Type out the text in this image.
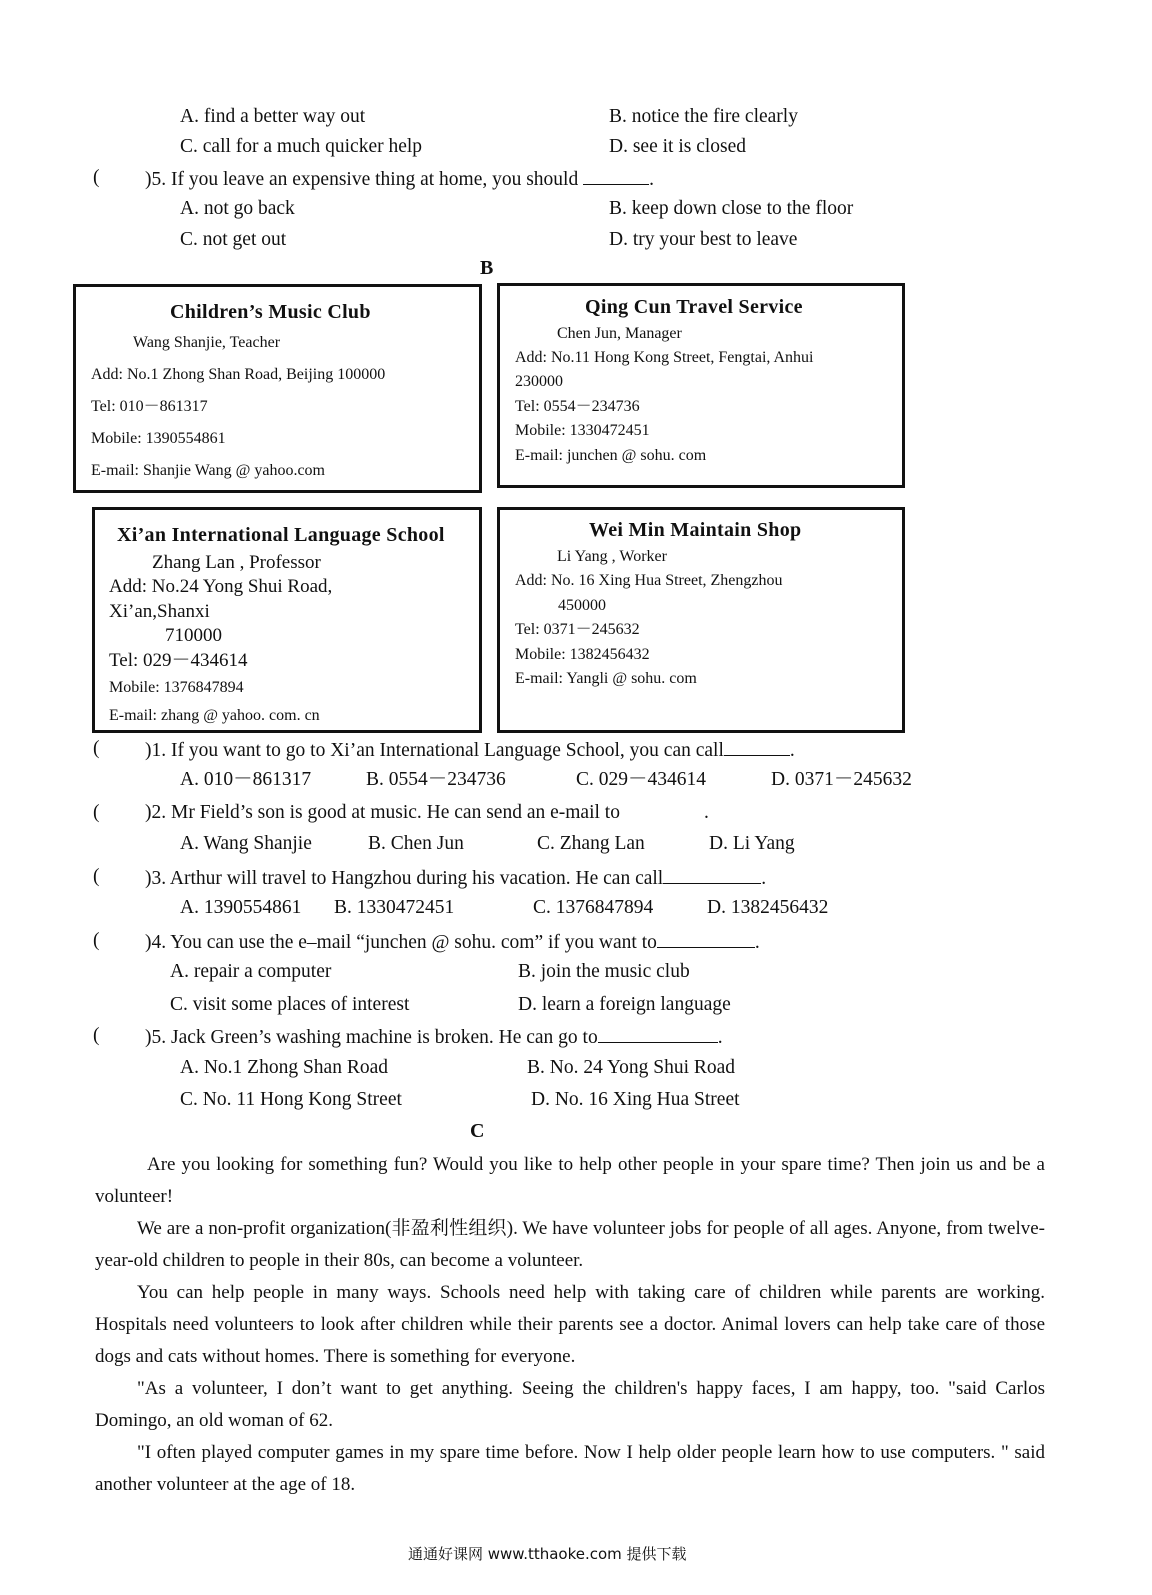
A. find a better way out	B. notice the fire clearly
C. call for a much quicker help	D. see it is closed
( )5. If you leave an expensive thing at home, you should	.
A. not go back	B. keep down close to the floor
C. not get out	D. try your best to leave
B
Children’s Music Club
Wang Shanjie, Teacher
Add: No.1 Zhong Shan Road, Beijing 100000
Tel: 010－861317
Mobile: 1390554861
E-mail: Shanjie Wang @ yahoo.com
Qing Cun Travel Service
Chen Jun, Manager
Add: No.11 Hong Kong Street, Fengtai, Anhui
230000
Tel: 0554－234736
Mobile: 1330472451
E-mail: junchen @ sohu. com
Xi’an International Language School
Zhang Lan , Professor
Add: No.24 Yong Shui Road,
Xi’an,Shanxi
710000
Tel: 029－434614
Mobile: 1376847894
E-mail: zhang @ yahoo. com. cn
Wei Min Maintain Shop
Li Yang , Worker
Add: No. 16 Xing Hua Street, Zhengzhou
450000
Tel: 0371－245632
Mobile: 1382456432
E-mail: Yangli @ sohu. com
( )1. If you want to go to Xi’an International Language School, you can call	.
A. 010－861317	B. 0554－234736	C. 029－434614	D. 0371－245632
( )2. Mr Field’s son is good at music. He can send an e-mail to	.
A. Wang Shanjie	B. Chen Jun	C. Zhang Lan	D. Li Yang
( )3. Arthur will travel to Hangzhou during his vacation. He can call	.
A. 1390554861 B. 1330472451	C. 1376847894	D. 1382456432
( )4. You can use the e–mail “junchen @ sohu. com” if you want to	.
A. repair a computer	B. join the music club
C. visit some places of interest	D. learn a foreign language
( )5. Jack Green’s washing machine is broken. He can go to	.
A. No.1 Zhong Shan Road	B. No. 24 Yong Shui Road
C. No. 11 Hong Kong Street	D. No. 16 Xing Hua Street
C
Are you looking for something fun? Would you like to help other people in your spare time? Then join us and be a volunteer!
We are a non-profit organization(非盈利性组织). We have volunteer jobs for people of all ages. Anyone, from twelve-year-old children to people in their 80s, can become a volunteer.
You can help people in many ways. Schools need help with taking care of children while parents are working. Hospitals need volunteers to look after children while their parents see a doctor. Animal lovers can help take care of those dogs and cats without homes. There is something for everyone.
"As a volunteer, I don’t want to get anything. Seeing the children's happy faces, I am happy, too. "said Carlos Domingo, an old woman of 62.
"I often played computer games in my spare time before. Now I help older people learn how to use computers. " said another volunteer at the age of 18.
通通好课网 www.tthaoke.com 提供下载
